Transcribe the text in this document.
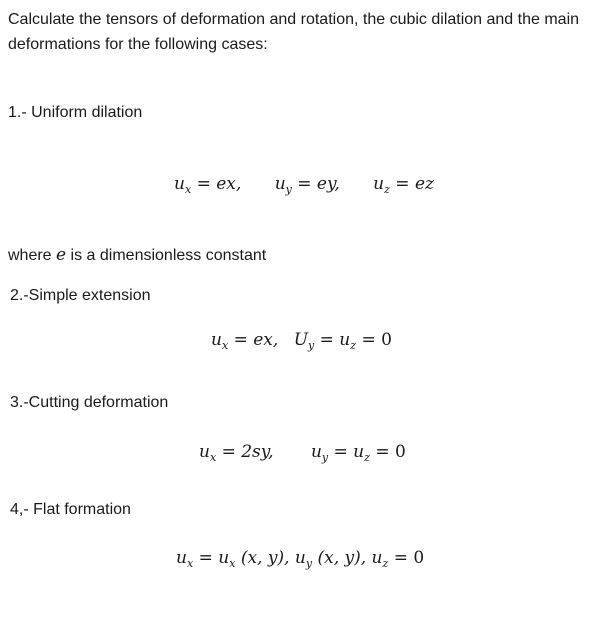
Calculate the tensors of deformation and rotation, the cubic dilation and the main deformations for the following cases:
1.- Uniform dilation
$u_x$ = ex, $u_y$ = ey, $u_z$ = ez
where e is a dimensionless constant
2.-Simple extension
$u_x$ = ex, $U_y = u_z = 0$
3.-Cutting deformation
$u_x = 2sy$, $u_y = u_z = 0$
4,- Flat formation
$u_x = u_x$ (x, y), $u_y$ (x, y), $u_z = 0$
